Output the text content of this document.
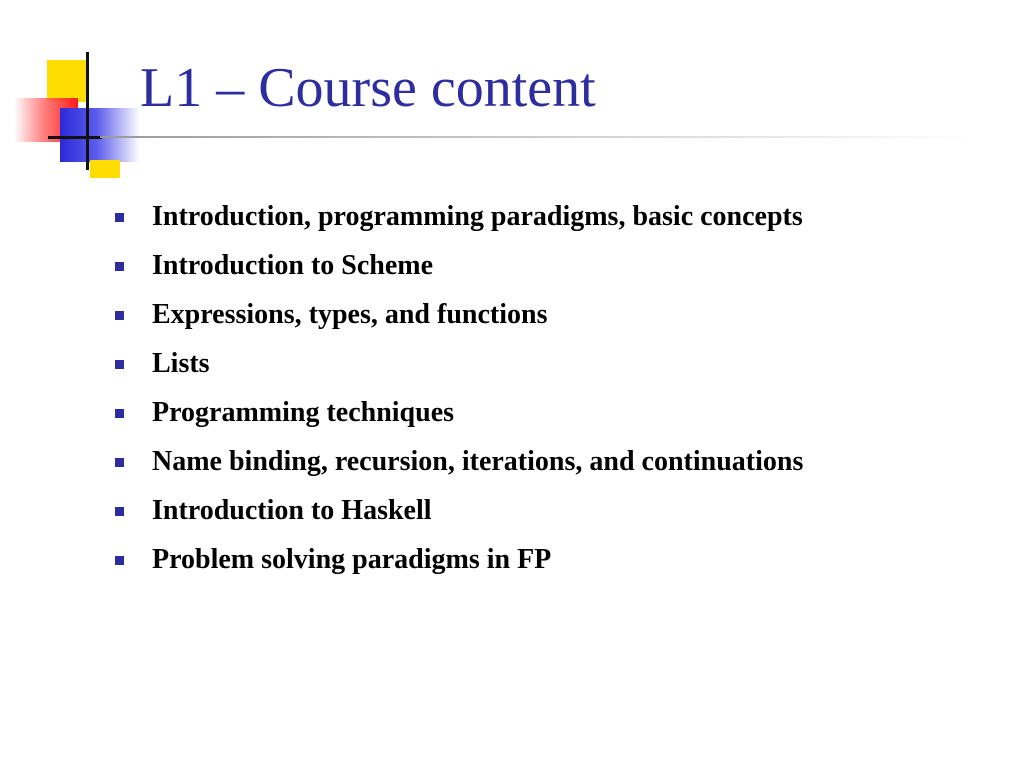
L1 – Course content
Introduction, programming paradigms, basic concepts
Introduction to Scheme
Expressions, types, and functions
Lists
Programming techniques
Name binding, recursion, iterations, and continuations
Introduction to Haskell
Problem solving paradigms in FP
